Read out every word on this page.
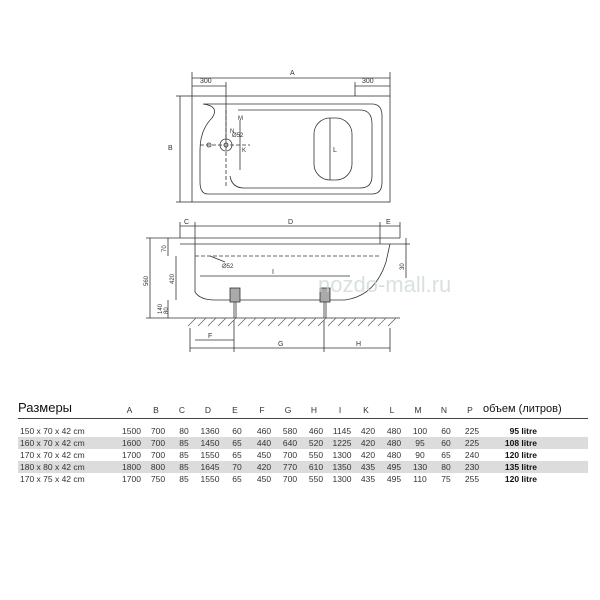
A
300	300
B
M
N
K	L
Ø52
C	D	E
70
420
560
30
140 80
Ø52
I
F
G	H
nozdo-mall.ru
Размеры	A	B	C	D	E	F	G	H	I	K	L	M	N	P объем (литров)
150 x 70 x 42 cm	1500	700	80	1360	60	460	580	460	1145	420	480	100	60	225	95 litre
160 x 70 x 42 cm	1600	700	85	1450	65	440	640	520	1225	420	480	95	60	225	108 litre
170 x 70 x 42 cm	1700	700	85	1550	65	450	700	550	1300	420	480	90	65	240	120 litre
180 x 80 x 42 cm	1800	800	85	1645	70	420	770	610	1350	435	495	130	80	230	135 litre
170 x 75 x 42 cm	1700	750	85	1550	65	450	700	550	1300	435	495	110	75	255	120 litre
